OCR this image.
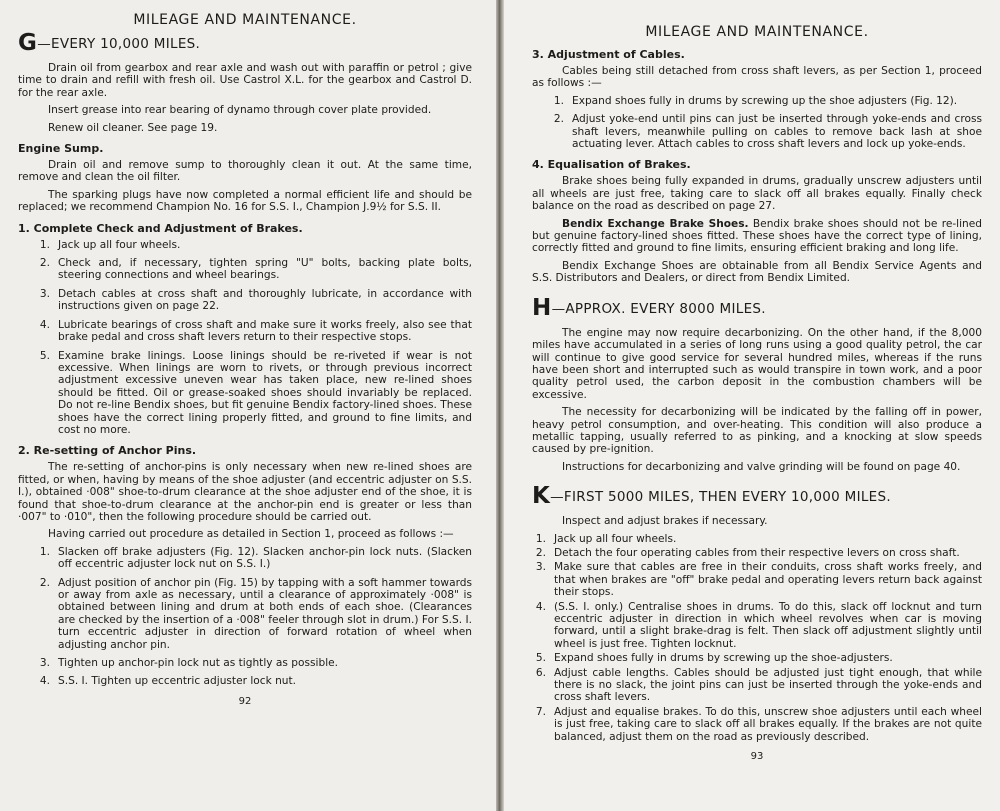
MILEAGE AND MAINTENANCE.
G—EVERY 10,000 MILES.
Drain oil from gearbox and rear axle and wash out with paraffin or petrol ; give time to drain and refill with fresh oil. Use Castrol X.L. for the gearbox and Castrol D. for the rear axle.
Insert grease into rear bearing of dynamo through cover plate provided.
Renew oil cleaner. See page 19.
Engine Sump.
Drain oil and remove sump to thoroughly clean it out. At the same time, remove and clean the oil filter.
The sparking plugs have now completed a normal efficient life and should be replaced; we recommend Champion No. 16 for S.S. I., Champion J.9½ for S.S. II.
1. Complete Check and Adjustment of Brakes.
1. Jack up all four wheels.
2. Check and, if necessary, tighten spring "U" bolts, backing plate bolts, steering connections and wheel bearings.
3. Detach cables at cross shaft and thoroughly lubricate, in accordance with instructions given on page 22.
4. Lubricate bearings of cross shaft and make sure it works freely, also see that brake pedal and cross shaft levers return to their respective stops.
5. Examine brake linings. Loose linings should be re-riveted if wear is not excessive. When linings are worn to rivets, or through previous incorrect adjustment excessive uneven wear has taken place, new re-lined shoes should be fitted. Oil or grease-soaked shoes should invariably be replaced. Do not re-line Bendix shoes, but fit genuine Bendix factory-lined shoes. These shoes have the correct lining properly fitted, and ground to fine limits, and cost no more.
2. Re-setting of Anchor Pins.
The re-setting of anchor-pins is only necessary when new re-lined shoes are fitted, or when, having by means of the shoe adjuster (and eccentric adjuster on S.S. I.), obtained ·008" shoe-to-drum clearance at the shoe adjuster end of the shoe, it is found that shoe-to-drum clearance at the anchor-pin end is greater or less than ·007" to ·010", then the following procedure should be carried out.
Having carried out procedure as detailed in Section 1, proceed as follows :—
1. Slacken off brake adjusters (Fig. 12). Slacken anchor-pin lock nuts. (Slacken off eccentric adjuster lock nut on S.S. I.)
2. Adjust position of anchor pin (Fig. 15) by tapping with a soft hammer towards or away from axle as necessary, until a clearance of approximately ·008" is obtained between lining and drum at both ends of each shoe. (Clearances are checked by the insertion of a ·008" feeler through slot in drum.) For S.S. I. turn eccentric adjuster in direction of forward rotation of wheel when adjusting anchor pin.
3. Tighten up anchor-pin lock nut as tightly as possible.
4. S.S. I. Tighten up eccentric adjuster lock nut.
92
MILEAGE AND MAINTENANCE.
3. Adjustment of Cables.
Cables being still detached from cross shaft levers, as per Section 1, proceed as follows :—
1. Expand shoes fully in drums by screwing up the shoe adjusters (Fig. 12).
2. Adjust yoke-end until pins can just be inserted through yoke-ends and cross shaft levers, meanwhile pulling on cables to remove back lash at shoe actuating lever. Attach cables to cross shaft levers and lock up yoke-ends.
4. Equalisation of Brakes.
Brake shoes being fully expanded in drums, gradually unscrew adjusters until all wheels are just free, taking care to slack off all brakes equally. Finally check balance on the road as described on page 27.
Bendix Exchange Brake Shoes. Bendix brake shoes should not be re-lined but genuine factory-lined shoes fitted. These shoes have the correct type of lining, correctly fitted and ground to fine limits, ensuring efficient braking and long life.
Bendix Exchange Shoes are obtainable from all Bendix Service Agents and S.S. Distributors and Dealers, or direct from Bendix Limited.
H—APPROX. EVERY 8000 MILES.
The engine may now require decarbonizing. On the other hand, if the 8,000 miles have accumulated in a series of long runs using a good quality petrol, the car will continue to give good service for several hundred miles, whereas if the runs have been short and interrupted such as would transpire in town work, and a poor quality petrol used, the carbon deposit in the combustion chambers will be excessive.
The necessity for decarbonizing will be indicated by the falling off in power, heavy petrol consumption, and over-heating. This condition will also produce a metallic tapping, usually referred to as pinking, and a knocking at slow speeds caused by pre-ignition.
Instructions for decarbonizing and valve grinding will be found on page 40.
K—FIRST 5000 MILES, THEN EVERY 10,000 MILES.
Inspect and adjust brakes if necessary.
1. Jack up all four wheels.
2. Detach the four operating cables from their respective levers on cross shaft.
3. Make sure that cables are free in their conduits, cross shaft works freely, and that when brakes are "off" brake pedal and operating levers return back against their stops.
4. (S.S. I. only.) Centralise shoes in drums. To do this, slack off locknut and turn eccentric adjuster in direction in which wheel revolves when car is moving forward, until a slight brake-drag is felt. Then slack off adjustment slightly until wheel is just free. Tighten locknut.
5. Expand shoes fully in drums by screwing up the shoe-adjusters.
6. Adjust cable lengths. Cables should be adjusted just tight enough, that while there is no slack, the joint pins can just be inserted through the yoke-ends and cross shaft levers.
7. Adjust and equalise brakes. To do this, unscrew shoe adjusters until each wheel is just free, taking care to slack off all brakes equally. If the brakes are not quite balanced, adjust them on the road as previously described.
93
